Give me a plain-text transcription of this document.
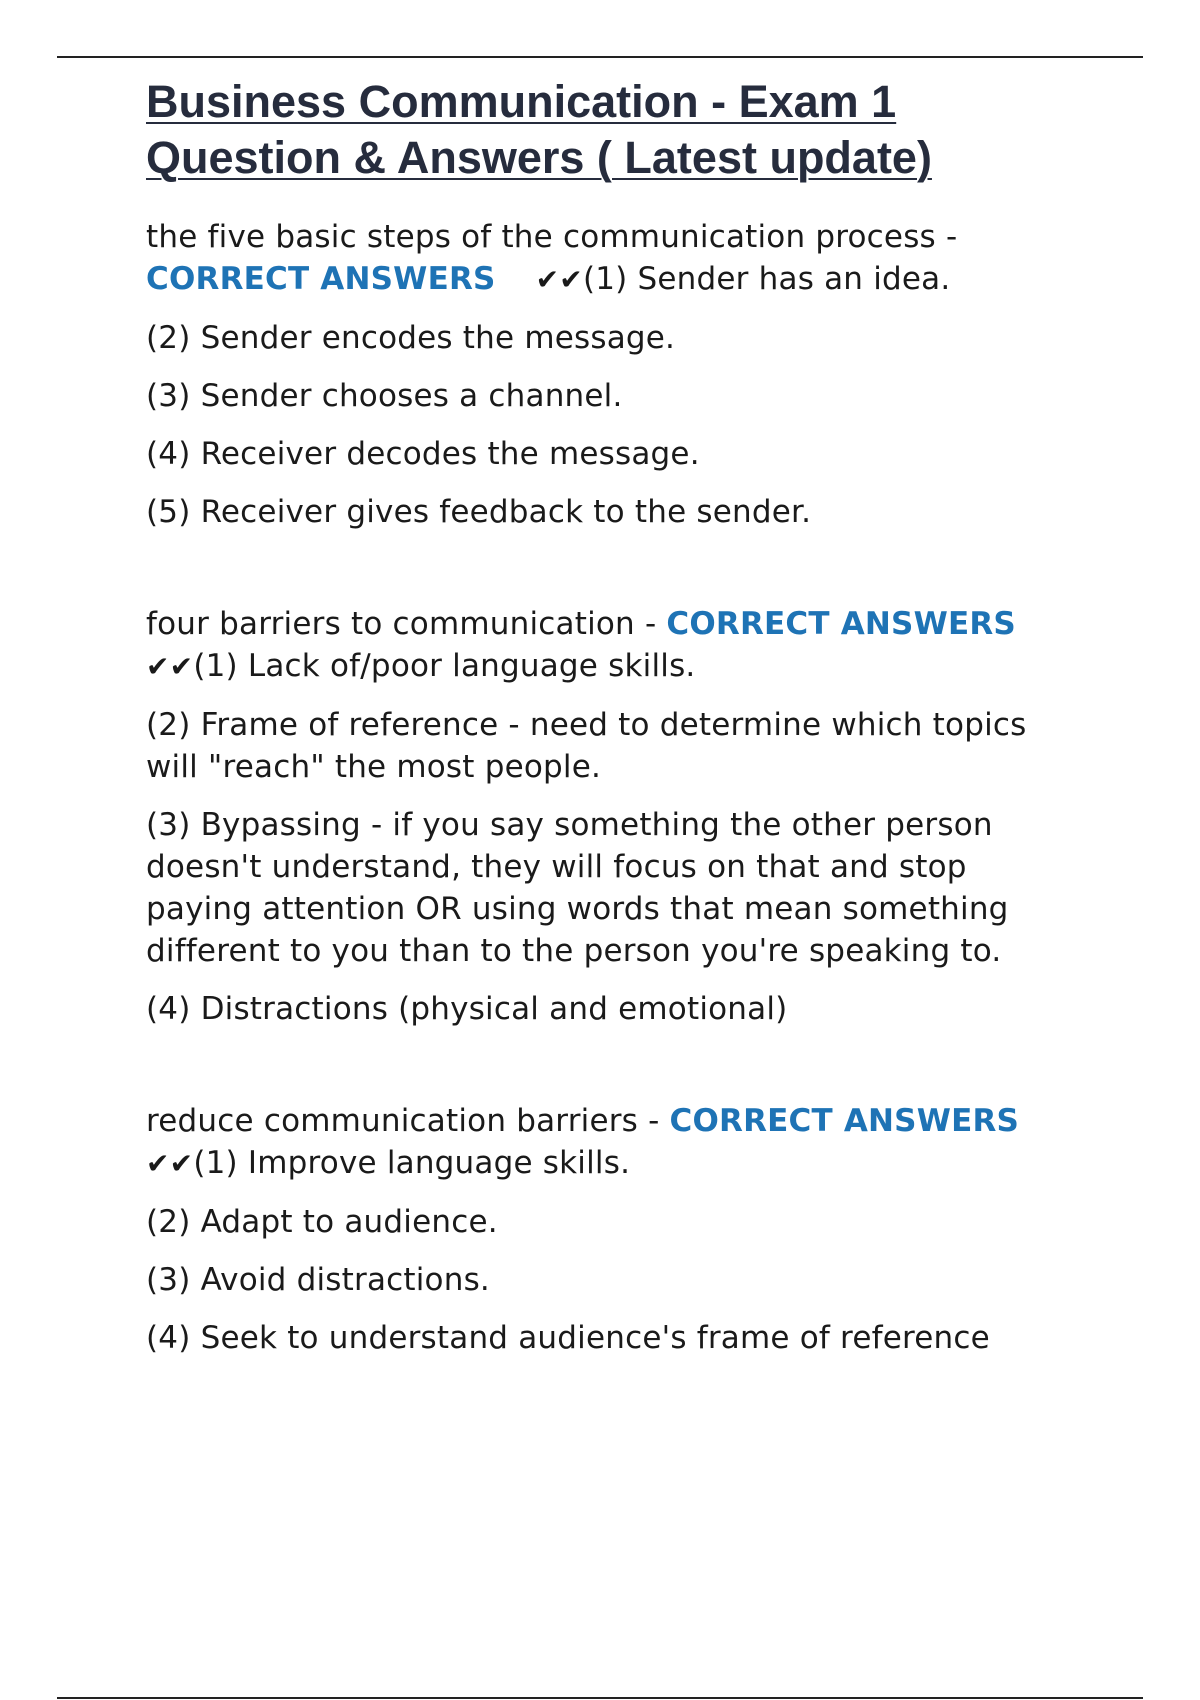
Business Communication - Exam 1
Question & Answers ( Latest update)

the five basic steps of the communication process -
CORRECT ANSWERS ✔✔(1) Sender has an idea.

(2) Sender encodes the message.

(3) Sender chooses a channel.

(4) Receiver decodes the message.

(5) Receiver gives feedback to the sender.

four barriers to communication - CORRECT ANSWERS
✔✔(1) Lack of/poor language skills.

(2) Frame of reference - need to determine which topics will "reach" the most people.

(3) Bypassing - if you say something the other person doesn't understand, they will focus on that and stop paying attention OR using words that mean something different to you than to the person you're speaking to.

(4) Distractions (physical and emotional)

reduce communication barriers - CORRECT ANSWERS
✔✔(1) Improve language skills.

(2) Adapt to audience.

(3) Avoid distractions.

(4) Seek to understand audience's frame of reference
